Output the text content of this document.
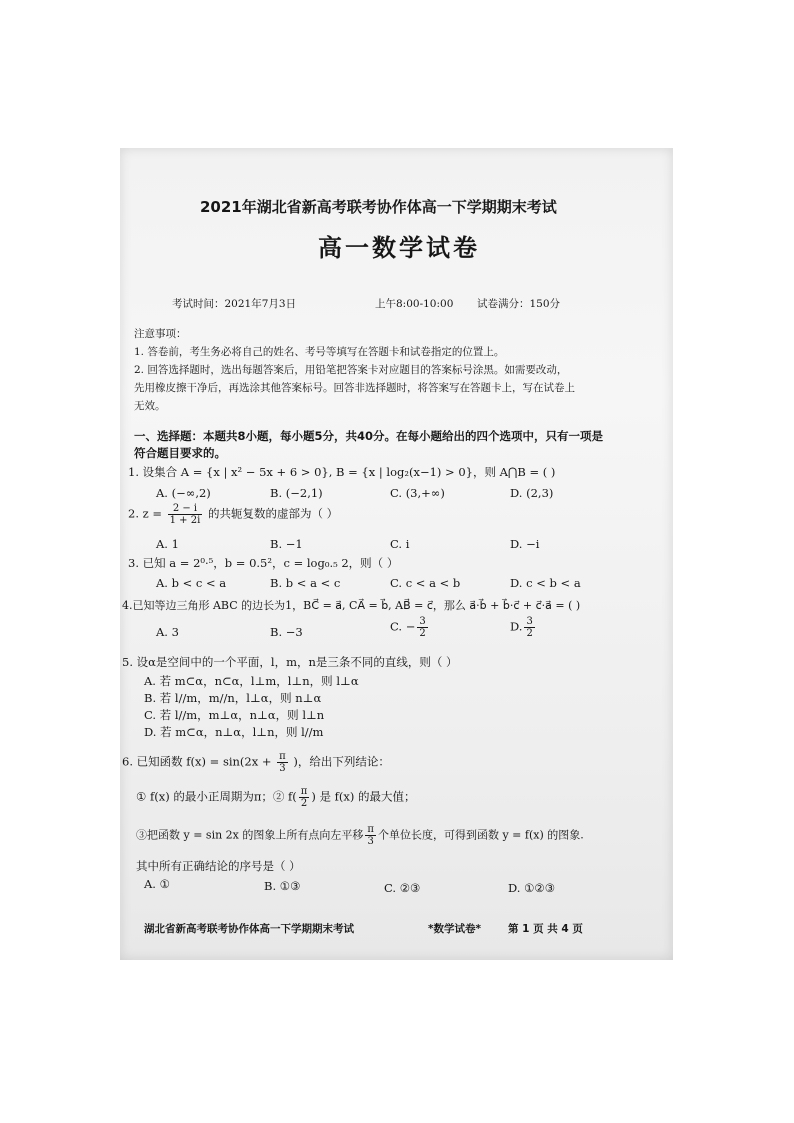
2021年湖北省新高考联考协作体高一下学期期末考试
高一数学试卷
考试时间：2021年7月3日	上午8:00-10:00 试卷满分：150分
注意事项：
1. 答卷前，考生务必将自己的姓名、考号等填写在答题卡和试卷指定的位置上。
2. 回答选择题时，选出每题答案后，用铅笔把答案卡对应题目的答案标号涂黑。如需要改动，
先用橡皮擦干净后，再选涂其他答案标号。回答非选择题时，将答案写在答题卡上，写在试卷上
无效。
一、选择题：本题共8小题，每小题5分，共40分。在每小题给出的四个选项中，只有一项是
符合题目要求的。
1. 设集合 A = {x | x² − 5x + 6 > 0}, B = {x | log₂(x−1) > 0}，则 A⋂B = ( )
A. (−∞,2)	B. (−2,1)	C. (3,+∞)	D. (2,3)
2. $z = \frac{2 - i}{1 + 2i}$ 的共轭复数的虚部为（ ）
A. 1	B. −1	C. i	D. −i
3. 已知 a = 2⁰·⁵，b = 0.5²，c = log₀.₅ 2，则（ ）
A. b < c < a	B. b < a < c	C. c < a < b	D. c < b < a
4.已知等边三角形 ABC 的边长为1，BC⃗ = a⃗, CA⃗ = b⃗, AB⃗ = c⃗，那么 a⃗·b⃗ + b⃗·c⃗ + c⃗·a⃗ = ( )
A. 3	B. −3	C. − $\frac{3}{2}$	D. $\frac{3}{2}$
5. 设α是空间中的一个平面，l，m，n是三条不同的直线，则（ ）
A. 若 m⊂α，n⊂α，l⊥m，l⊥n，则 l⊥α
B. 若 l//m，m//n，l⊥α，则 n⊥α
C. 若 l//m，m⊥α，n⊥α，则 l⊥n
D. 若 m⊂α，n⊥α，l⊥n，则 l//m
6. 已知函数 $f(x) = \sin(2x + \frac{\pi}{3}$ )，给出下列结论：
① f(x) 的最小正周期为π；② $f( \frac{\pi}{2}$ ) 是 f(x) 的最大值；
③把函数 y = sin 2x 的图象上所有点向左平移 $\frac{\pi}{3}$ 个单位长度，可得到函数 y = f(x) 的图象.
其中所有正确结论的序号是（ ）
A. ①	B. ①③	C. ②③	D. ①②③
湖北省新高考联考协作体高一下学期期末考试	*数学试卷*	第 1 页 共 4 页
